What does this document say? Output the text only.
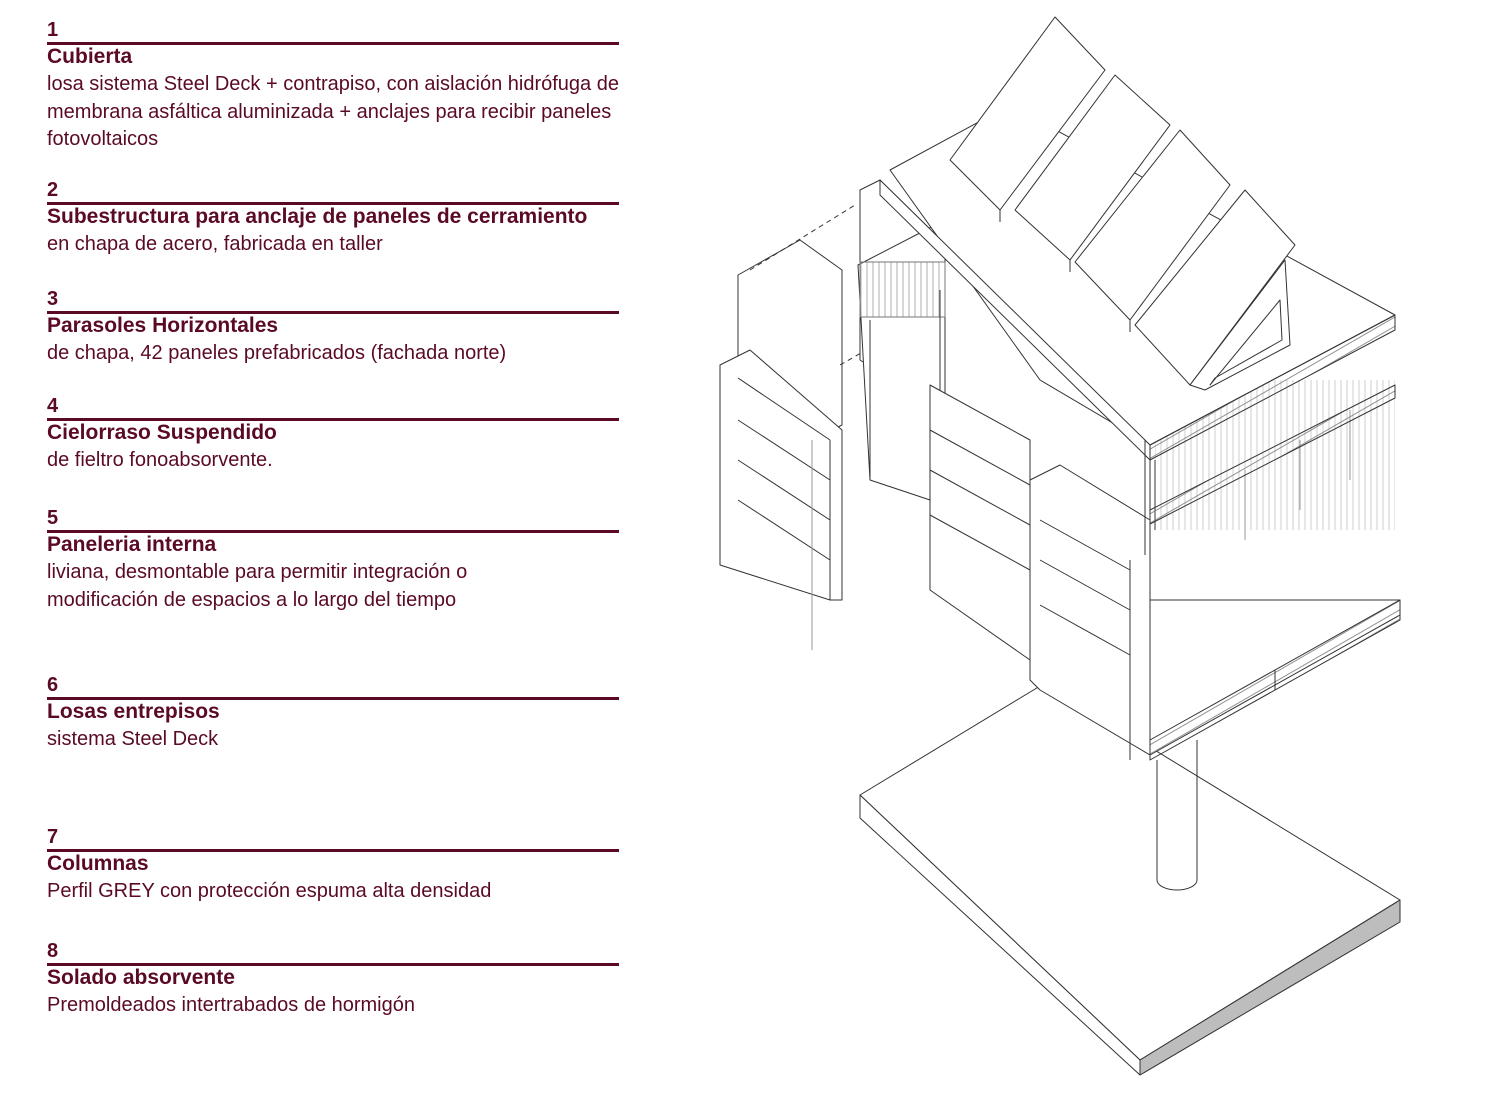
1
Cubierta
losa sistema Steel Deck + contrapiso, con aislación hidrófuga de membrana asfáltica aluminizada + anclajes para recibir paneles fotovoltaicos
2
Subestructura para anclaje de paneles de cerramiento
en chapa de acero, fabricada en taller
3
Parasoles Horizontales
de chapa, 42 paneles prefabricados (fachada norte)
4
Cielorraso Suspendido
de fieltro fonoabsorvente.
5
Paneleria interna
liviana, desmontable para permitir integración o modificación de espacios a lo largo del tiempo
6
Losas entrepisos
sistema Steel Deck
7
Columnas
Perfil GREY con protección espuma alta densidad
8
Solado absorvente
Premoldeados intertrabados de hormigón
